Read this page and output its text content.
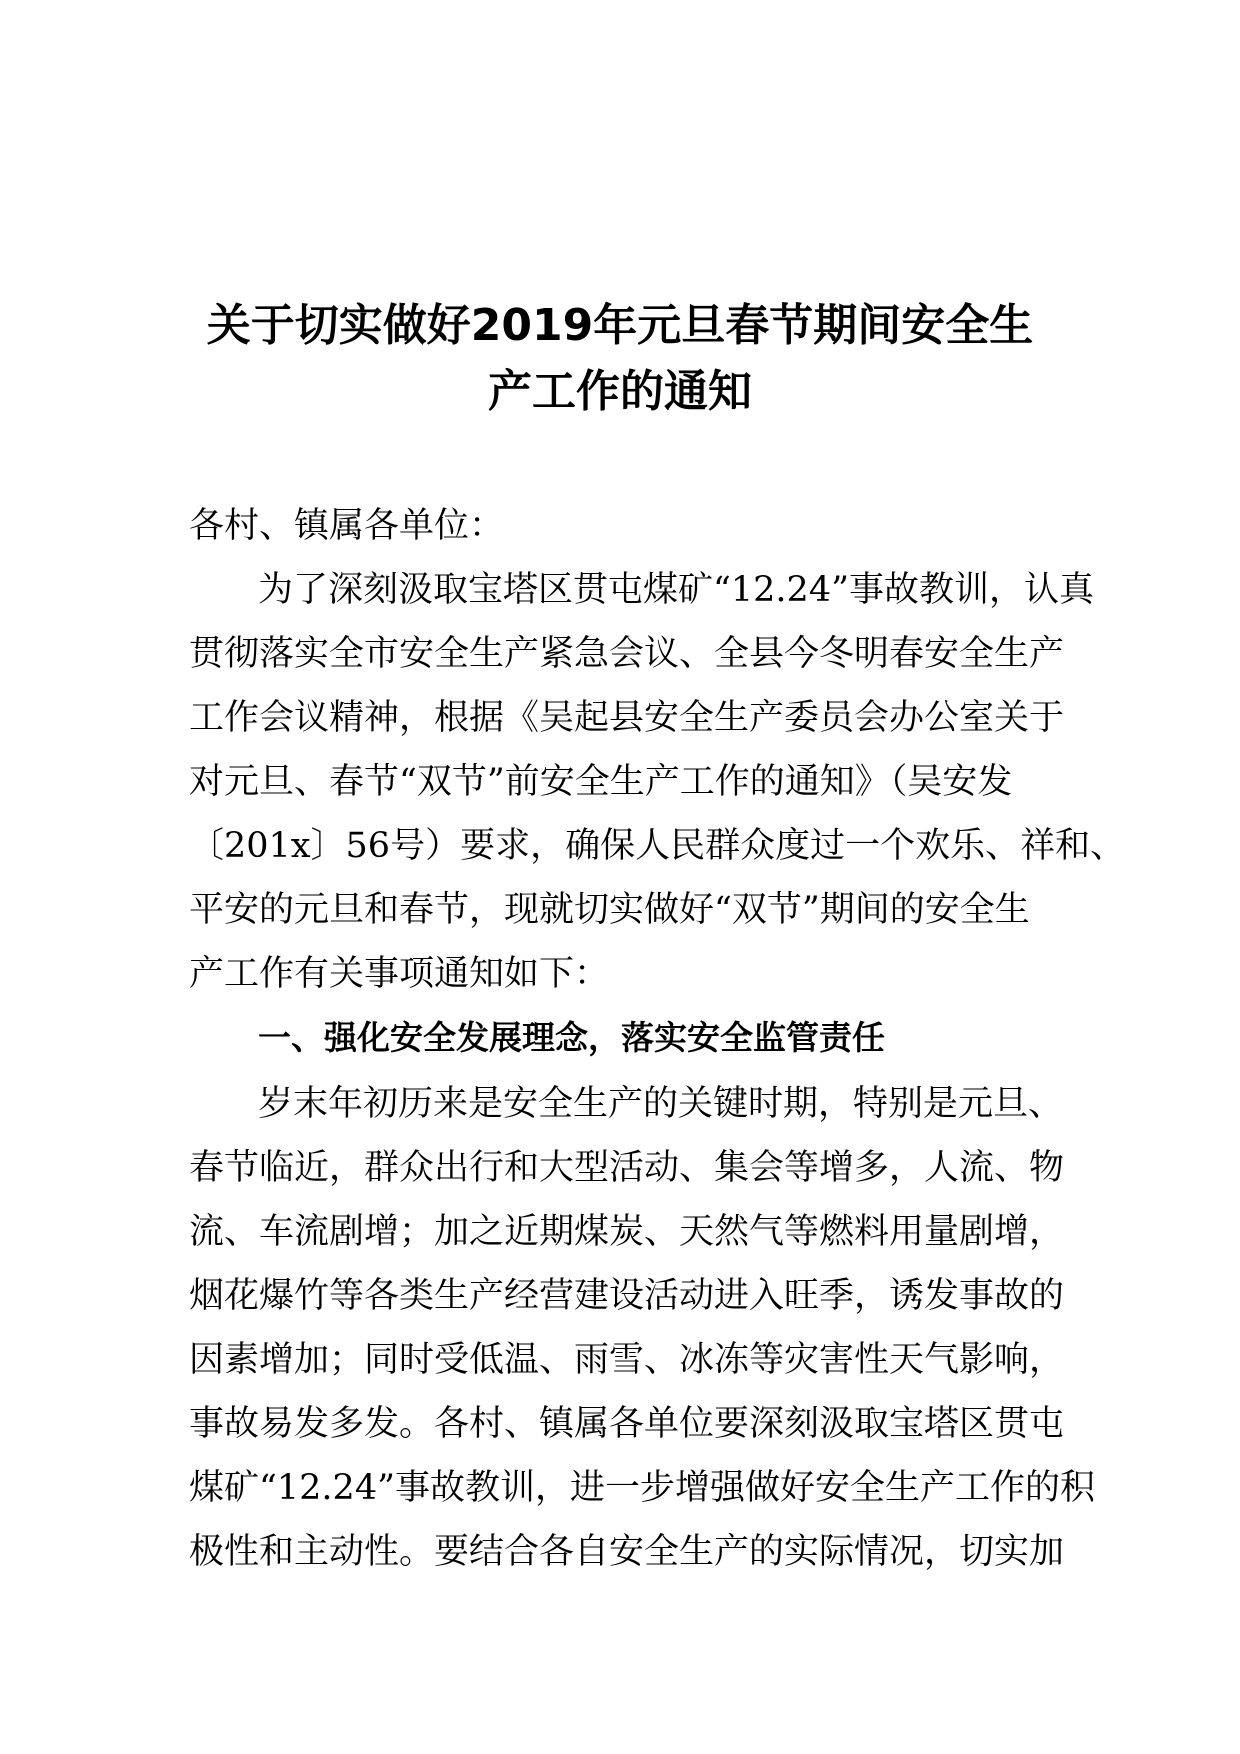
关于切实做好2019年元旦春节期间安全生
产工作的通知
各村、镇属各单位：
为了深刻汲取宝塔区贯屯煤矿“12.24”事故教训，认真
贯彻落实全市安全生产紧急会议、全县今冬明春安全生产
工作会议精神，根据《吴起县安全生产委员会办公室关于
对元旦、春节“双节”前安全生产工作的通知》（吴安发
〔201x〕56号）要求，确保人民群众度过一个欢乐、祥和、
平安的元旦和春节，现就切实做好“双节”期间的安全生
产工作有关事项通知如下：
一、强化安全发展理念，落实安全监管责任
岁末年初历来是安全生产的关键时期，特别是元旦、
春节临近，群众出行和大型活动、集会等增多，人流、物
流、车流剧增；加之近期煤炭、天然气等燃料用量剧增，
烟花爆竹等各类生产经营建设活动进入旺季，诱发事故的
因素增加；同时受低温、雨雪、冰冻等灾害性天气影响，
事故易发多发。各村、镇属各单位要深刻汲取宝塔区贯屯
煤矿“12.24”事故教训，进一步增强做好安全生产工作的积
极性和主动性。要结合各自安全生产的实际情况，切实加
